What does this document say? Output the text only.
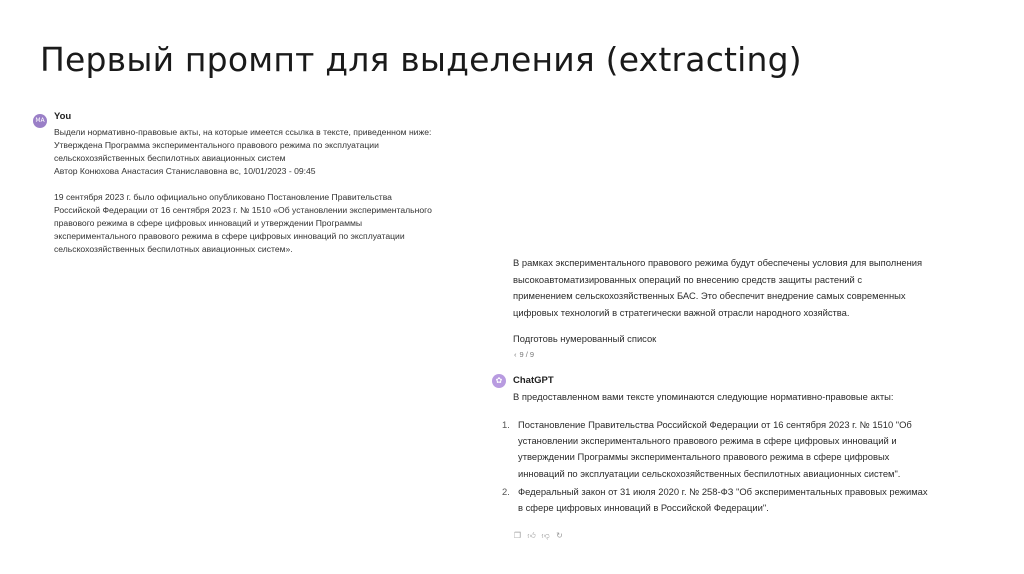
Первый промпт для выделения (extracting)
MA You

Выдели нормативно-правовые акты, на которые имеется ссылка в тексте, приведенном ниже:

Утверждена Программа экспериментального правового режима по эксплуатации

сельскохозяйственных беспилотных авиационных систем

Автор Конюхова Анастасия Станиславовна вс, 10/01/2023 - 09:45

19 сентября 2023 г. было официально опубликовано Постановление Правительства

Российской Федерации от 16 сентября 2023 г. № 1510 «Об установлении экспериментального

правового режима в сфере цифровых инноваций и утверждении Программы

экспериментального правового режима в сфере цифровых инноваций по эксплуатации

сельскохозяйственных беспилотных авиационных систем».

В рамках экспериментального правового режима будут обеспечены условия для выполнения

высокоавтоматизированных операций по внесению средств защиты растений с

применением сельскохозяйственных БАС. Это обеспечит внедрение самых современных

цифровых технологий в стратегически важной отрасли народного хозяйства.

Подготовь нумерованный список

‹ 9 / 9
✿	ChatGPT

В предоставленном вами тексте упоминаются следующие нормативно-правовые акты:

1. Постановление Правительства Российской Федерации от 16 сентября 2023 г. № 1510 "Об
установлении экспериментального правового режима в сфере цифровых инноваций и
утверждении Программы экспериментального правового режима в сфере цифровых
инноваций по эксплуатации сельскохозяйственных беспилотных авиационных систем".
2. Федеральный закон от 31 июля 2020 г. № 258-ФЗ "Об экспериментальных правовых режимах
в сфере цифровых инноваций в Российской Федерации".
❐ 👍︎ 👎︎ ↻
